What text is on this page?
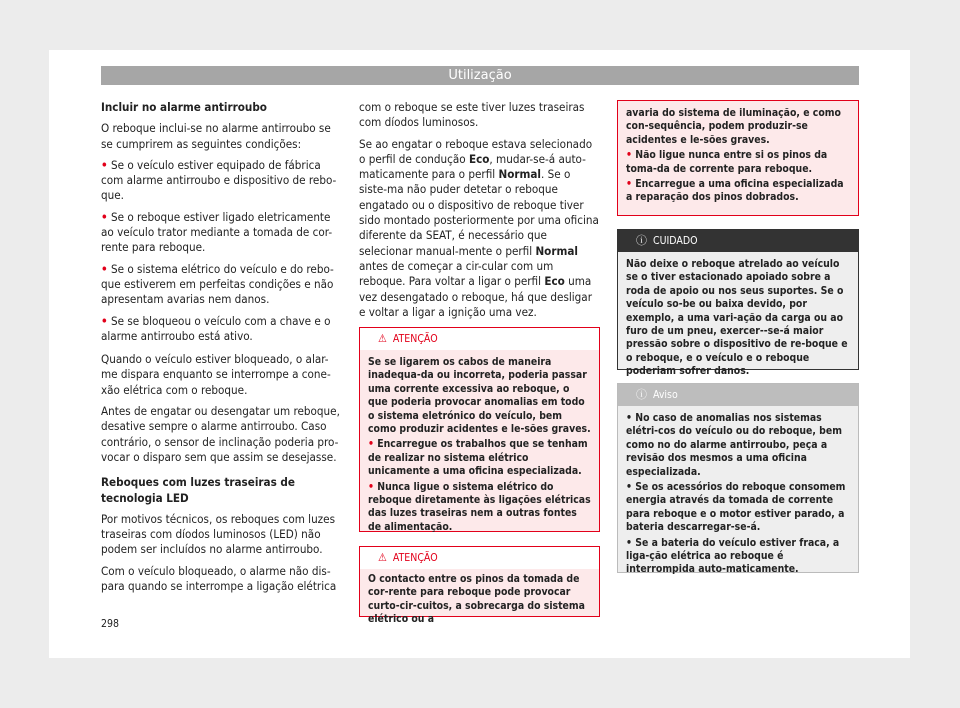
Utilização

Incluir no alarme antirroubo

O reboque inclui-se no alarme antirroubo se se cumprirem as seguintes condições:

• Se o veículo estiver equipado de fábrica com alarme antirroubo e dispositivo de rebo-que.

• Se o reboque estiver ligado eletricamente ao veículo trator mediante a tomada de cor-rente para reboque.

• Se o sistema elétrico do veículo e do rebo-que estiverem em perfeitas condições e não apresentam avarias nem danos.

• Se se bloqueou o veículo com a chave e o alarme antirroubo está ativo.

Quando o veículo estiver bloqueado, o alar-me dispara enquanto se interrompe a cone-xão elétrica com o reboque.

Antes de engatar ou desengatar um reboque, desative sempre o alarme antirroubo. Caso contrário, o sensor de inclinação poderia pro-vocar o disparo sem que assim se desejasse.

Reboques com luzes traseiras de tecnologia LED

Por motivos técnicos, os reboques com luzes traseiras com díodos luminosos (LED) não podem ser incluídos no alarme antirroubo.

Com o veículo bloqueado, o alarme não dis-para quando se interrompe a ligação elétrica

com o reboque se este tiver luzes traseiras com díodos luminosos.

Se ao engatar o reboque estava selecionado o perfil de condução Eco, mudar-se-á auto-maticamente para o perfil Normal. Se o siste-ma não puder detetar o reboque engatado ou o dispositivo de reboque tiver sido montado posteriormente por uma oficina diferente da SEAT, é necessário que selecionar manual-mente o perfil Normal antes de começar a cir-cular com um reboque. Para voltar a ligar o perfil Eco uma vez desengatado o reboque, há que desligar e voltar a ligar a ignição uma vez.

⚠ ATENÇÃO

Se se ligarem os cabos de maneira inadequa-da ou incorreta, poderia passar uma corrente excessiva ao reboque, o que poderia provocar anomalias em todo o sistema eletrónico do veículo, bem como produzir acidentes e le-sões graves.

• Encarregue os trabalhos que se tenham de realizar no sistema elétrico unicamente a uma oficina especializada.

• Nunca ligue o sistema elétrico do reboque diretamente às ligações elétricas das luzes traseiras nem a outras fontes de alimentação.

⚠ ATENÇÃO

O contacto entre os pinos da tomada de cor-rente para reboque pode provocar curto-cir-cuitos, a sobrecarga do sistema elétrico ou a

avaria do sistema de iluminação, e como con-sequência, podem produzir-se acidentes e le-sões graves.

• Não ligue nunca entre si os pinos da toma-da de corrente para reboque.

• Encarregue a uma oficina especializada a reparação dos pinos dobrados.

ⓘ CUIDADO

Não deixe o reboque atrelado ao veículo se o tiver estacionado apoiado sobre a roda de apoio ou nos seus suportes. Se o veículo so-be ou baixa devido, por exemplo, a uma vari-ação da carga ou ao furo de um pneu, exercer--se-á maior pressão sobre o dispositivo de re-boque e o reboque, e o veículo e o reboque poderiam sofrer danos.

ⓘ Aviso

• No caso de anomalias nos sistemas elétri-cos do veículo ou do reboque, bem como no do alarme antirroubo, peça a revisão dos mesmos a uma oficina especializada.

• Se os acessórios do reboque consomem energia através da tomada de corrente para reboque e o motor estiver parado, a bateria descarregar-se-á.

• Se a bateria do veículo estiver fraca, a liga-ção elétrica ao reboque é interrompida auto-maticamente.

298
